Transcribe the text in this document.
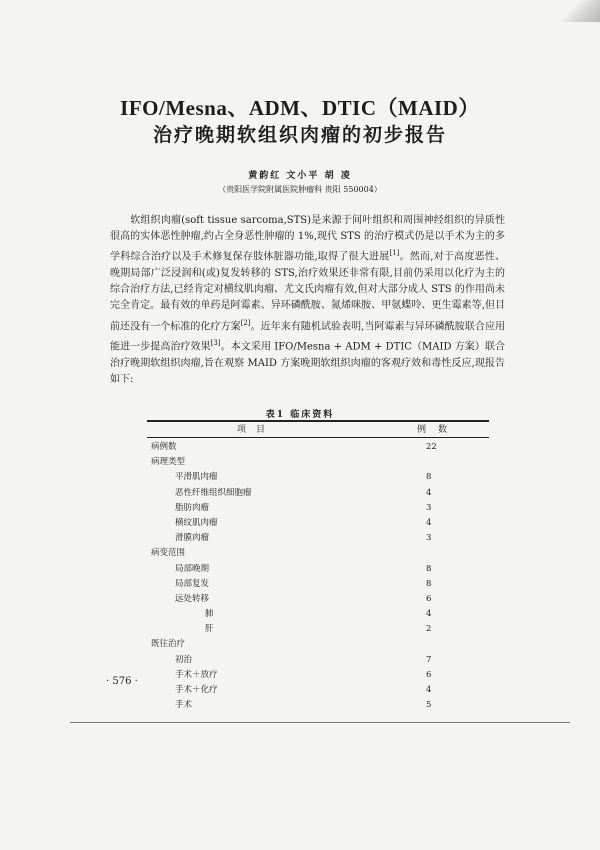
IFO/Mesna、ADM、DTIC（MAID）
治疗晚期软组织肉瘤的初步报告
黄韵红 文小平 胡 凌
（贵阳医学院附属医院肿瘤科 贵阳 550004）
软组织肉瘤(soft tissue sarcoma,STS)是来源于间叶组织和周围神经组织的异质性很高的实体恶性肿瘤,约占全身恶性肿瘤的 1%,现代 STS 的治疗模式仍是以手术为主的多学科综合治疗以及手术修复保存肢体脏器功能,取得了很大进展[1]。然而,对于高度恶性、晚期局部广泛浸润和(或)复发转移的 STS,治疗效果还非常有限,目前仍采用以化疗为主的综合治疗方法,已经肯定对横纹肌肉瘤、尤文氏肉瘤有效,但对大部分成人 STS 的作用尚未完全肯定。最有效的单药是阿霉素、异环磷酰胺、氮烯咪胺、甲氨蝶呤、更生霉素等,但目前还没有一个标准的化疗方案[2]。近年来有随机试验表明,当阿霉素与异环磷酰胺联合应用能进一步提高治疗效果[3]。本文采用 IFO/Mesna + ADM + DTIC（MAID 方案）联合治疗晚期软组织肉瘤,旨在观察 MAID 方案晚期软组织肉瘤的客观疗效和毒性反应,现报告如下:
表1 临床资料
项目	例数
病例数	22
病理类型
平滑肌肉瘤	8
恶性纤维组织细胞瘤	4
脂肪肉瘤	3
横纹肌肉瘤	4
滑膜肉瘤	3
病变范围
局部晚期	8
局部复发	8
远处转移	6
肺	4
肝	2
既往治疗
初治	7
手术＋放疗	6
手术＋化疗	4
手术	5
· 576 ·
